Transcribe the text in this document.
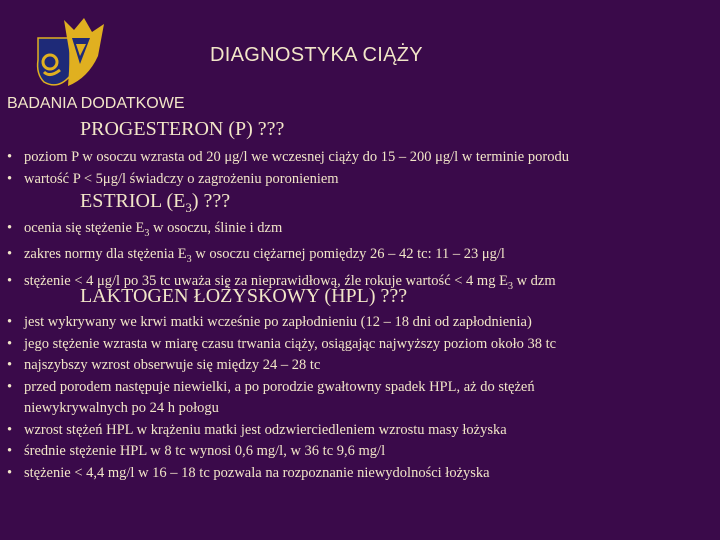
DIAGNOSTYKA CIĄŻY
BADANIA DODATKOWE
PROGESTERON (P) ???
• poziom P w osoczu wzrasta od 20 μg/l we wczesnej ciąży do 15 – 200 μg/l w terminie porodu
• wartość P < 5μg/l świadczy o zagrożeniu poronieniem
ESTRIOL $(E_3)$ ???
• ocenia się stężenie $E_3$ w osoczu, ślinie i dzm
• zakres normy dla stężenia $E_3$ w osoczu ciężarnej pomiędzy 26 – 42 tc: 11 – 23 μg/l
• stężenie < 4 μg/l po 35 tc uważa się za nieprawidłową, źle rokuje wartość < 4 mg $E_3$ w dzm
LAKTOGEN ŁOŻYSKOWY (HPL) ???
• jest wykrywany we krwi matki wcześnie po zapłodnieniu (12 – 18 dni od zapłodnienia)
• jego stężenie wzrasta w miarę czasu trwania ciąży, osiągając najwyższy poziom około 38 tc
• najszybszy wzrost obserwuje się między 24 – 28 tc
• przed porodem następuje niewielki, a po porodzie gwałtowny spadek HPL, aż do stężeń
niewykrywalnych po 24 h połogu
• wzrost stężeń HPL w krążeniu matki jest odzwierciedleniem wzrostu masy łożyska
• średnie stężenie HPL w 8 tc wynosi 0,6 mg/l, w 36 tc 9,6 mg/l
• stężenie < 4,4 mg/l w 16 – 18 tc pozwala na rozpoznanie niewydolności łożyska
